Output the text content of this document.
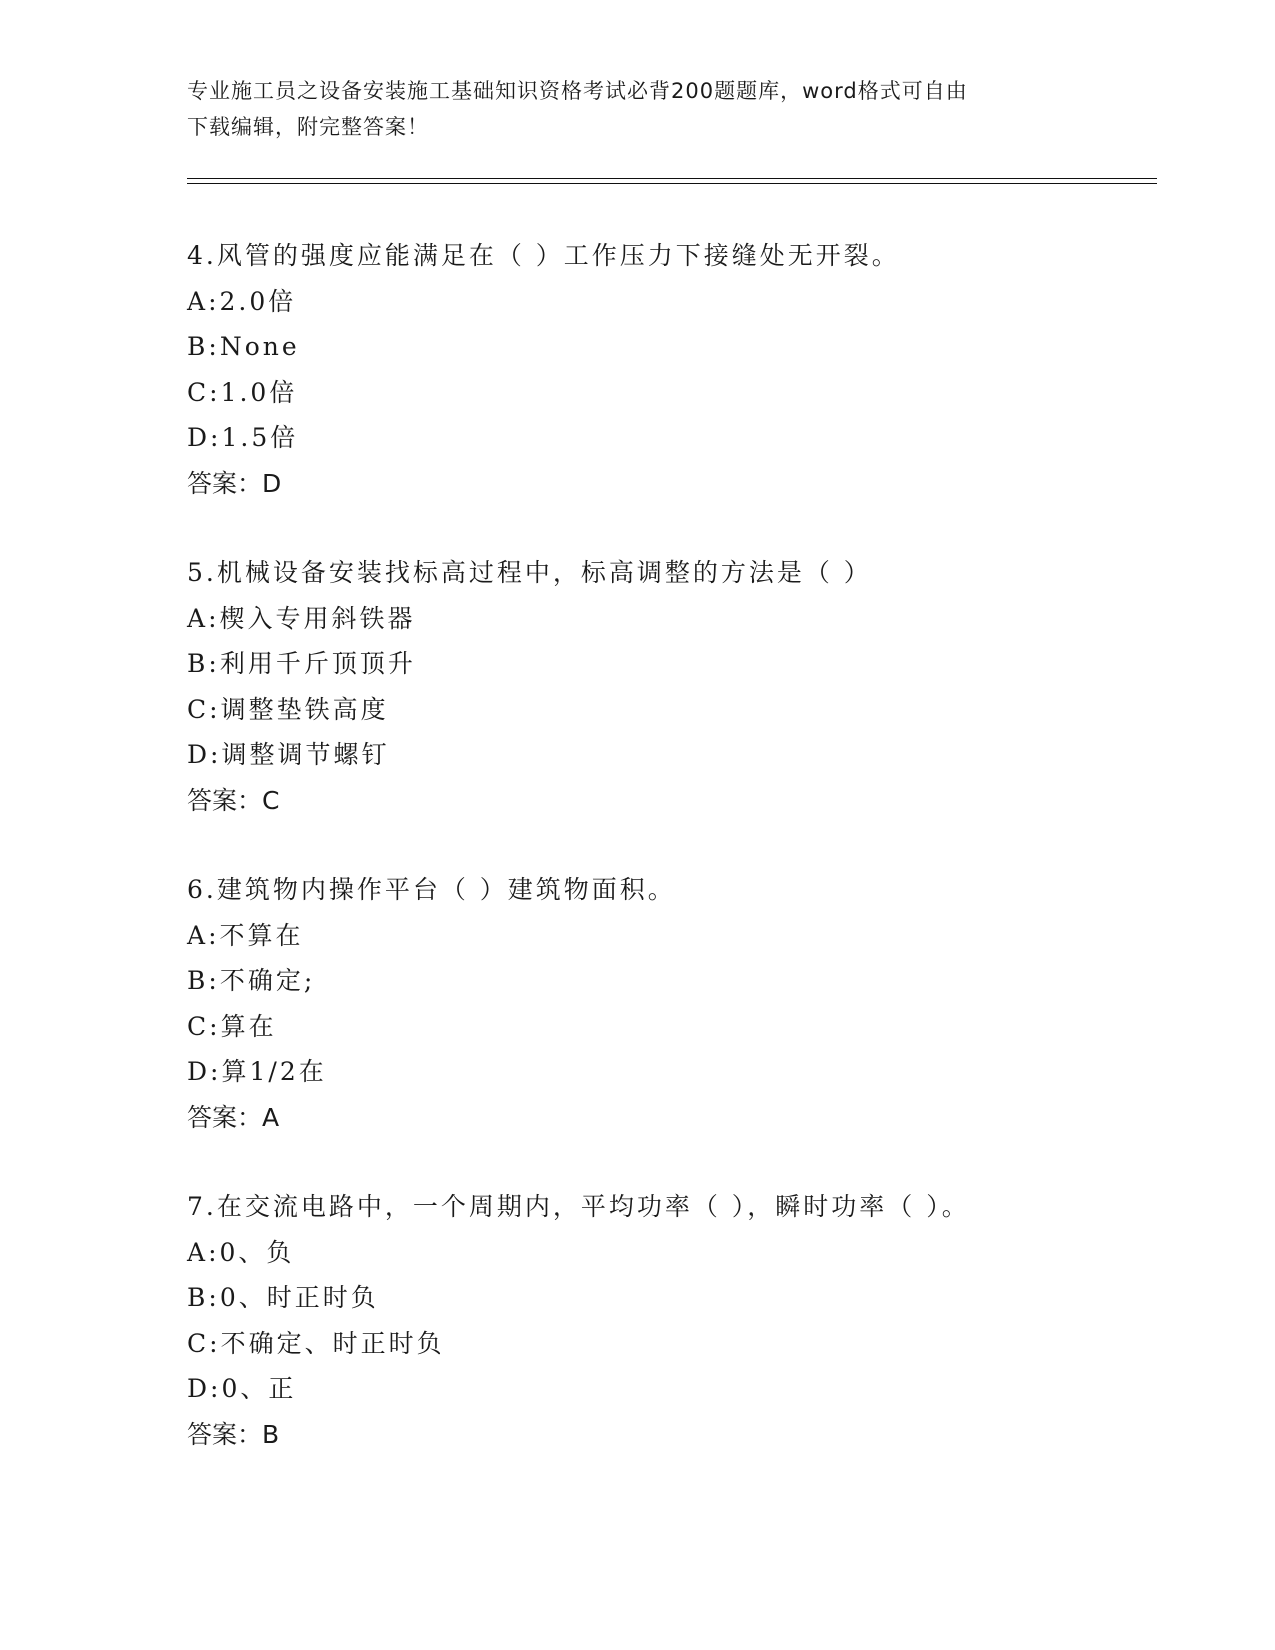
专业施工员之设备安装施工基础知识资格考试必背200题题库，word格式可自由
下载编辑，附完整答案！
4.风管的强度应能满足在（ ）工作压力下接缝处无开裂。
A:2.0倍
B:None
C:1.0倍
D:1.5倍
答案：D
5.机械设备安装找标高过程中，标高调整的方法是（ ）
A:楔入专用斜铁器
B:利用千斤顶顶升
C:调整垫铁高度
D:调整调节螺钉
答案：C
6.建筑物内操作平台（ ）建筑物面积。
A:不算在
B:不确定;
C:算在
D:算1/2在
答案：A
7.在交流电路中，一个周期内，平均功率（ ），瞬时功率（ ）。
A:0、负
B:0、时正时负
C:不确定、时正时负
D:0、正
答案：B
